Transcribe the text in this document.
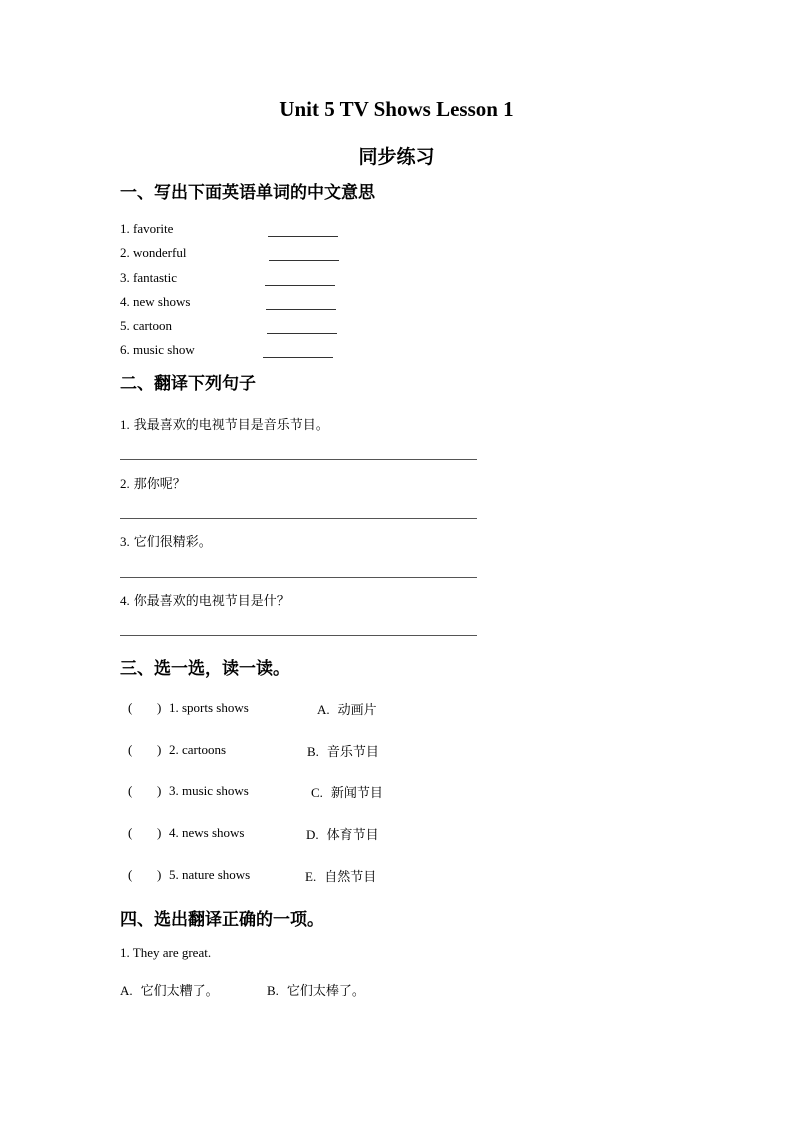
Unit 5 TV Shows Lesson 1
同步练习
一、写出下面英语单词的中文意思
1. favorite
2. wonderful
3. fantastic
4. new shows
5. cartoon
6. music show
二、翻译下列句子
1. 我最喜欢的电视节目是音乐节目。
2. 那你呢？
3. 它们很精彩。
4. 你最喜欢的电视节目是什？
三、选一选，读一读。
( ) 1. sports shows	A. 动画片
( ) 2. cartoons	B. 音乐节目
( ) 3. music shows	C. 新闻节目
( ) 4. news shows	D. 体育节目
( ) 5. nature shows	E. 自然节目
四、选出翻译正确的一项。
1. They are great.
A. 它们太糟了。	B. 它们太棒了。
